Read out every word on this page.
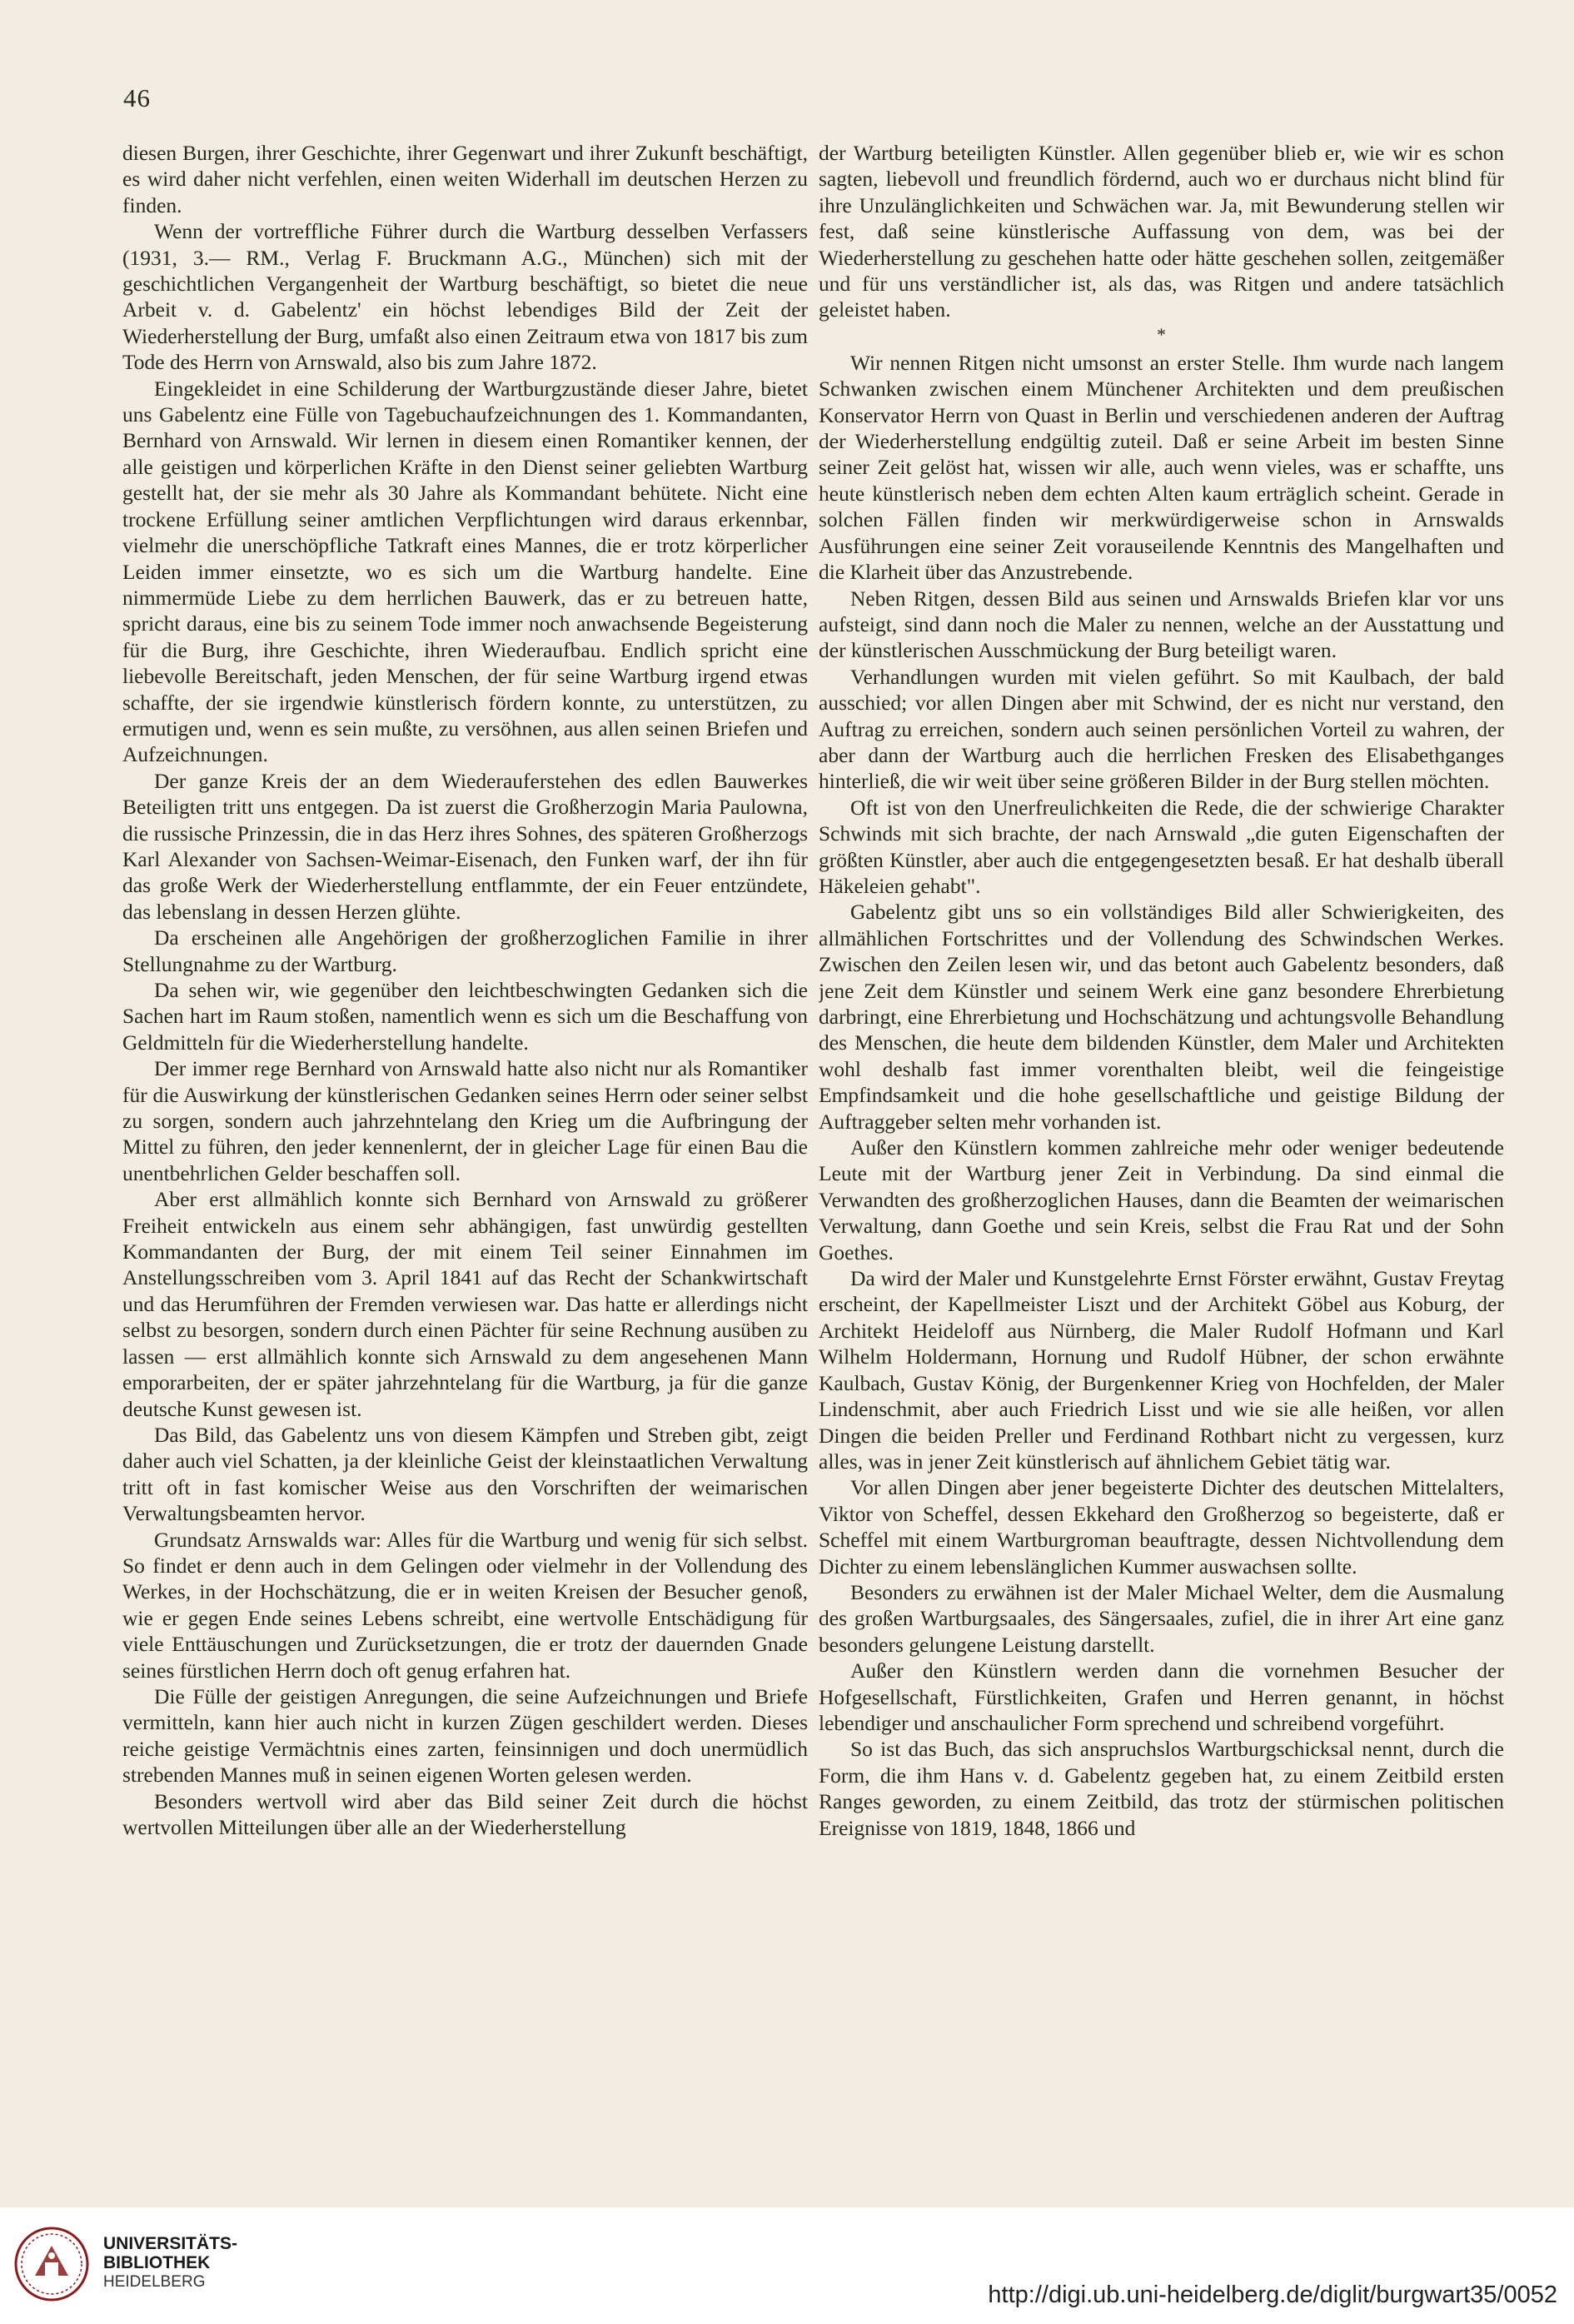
46

diesen Burgen, ihrer Geschichte, ihrer Gegenwart und ihrer Zukunft beschäftigt, es wird daher nicht verfehlen, einen weiten Widerhall im deutschen Herzen zu finden.

Wenn der vortreffliche Führer durch die Wartburg desselben Verfassers (1931, 3.— RM., Verlag F. Bruckmann A.G., München) sich mit der geschichtlichen Vergangenheit der Wartburg beschäftigt, so bietet die neue Arbeit v. d. Gabelentz' ein höchst lebendiges Bild der Zeit der Wiederherstellung der Burg, umfaßt also einen Zeitraum etwa von 1817 bis zum Tode des Herrn von Arnswald, also bis zum Jahre 1872.

Eingekleidet in eine Schilderung der Wartburgzustände dieser Jahre, bietet uns Gabelentz eine Fülle von Tagebuchaufzeichnungen des 1. Kommandanten, Bernhard von Arnswald. Wir lernen in diesem einen Romantiker kennen, der alle geistigen und körperlichen Kräfte in den Dienst seiner geliebten Wartburg gestellt hat, der sie mehr als 30 Jahre als Kommandant behütete. Nicht eine trockene Erfüllung seiner amtlichen Verpflichtungen wird daraus erkennbar, vielmehr die unerschöpfliche Tatkraft eines Mannes, die er trotz körperlicher Leiden immer einsetzte, wo es sich um die Wartburg handelte. Eine nimmermüde Liebe zu dem herrlichen Bauwerk, das er zu betreuen hatte, spricht daraus, eine bis zu seinem Tode immer noch anwachsende Begeisterung für die Burg, ihre Geschichte, ihren Wiederaufbau. Endlich spricht eine liebevolle Bereitschaft, jeden Menschen, der für seine Wartburg irgend etwas schaffte, der sie irgendwie künstlerisch fördern konnte, zu unterstützen, zu ermutigen und, wenn es sein mußte, zu versöhnen, aus allen seinen Briefen und Aufzeichnungen.

Der ganze Kreis der an dem Wiederauferstehen des edlen Bauwerkes Beteiligten tritt uns entgegen. Da ist zuerst die Großherzogin Maria Paulowna, die russische Prinzessin, die in das Herz ihres Sohnes, des späteren Großherzogs Karl Alexander von Sachsen-Weimar-Eisenach, den Funken warf, der ihn für das große Werk der Wiederherstellung entflammte, der ein Feuer entzündete, das lebenslang in dessen Herzen glühte.

Da erscheinen alle Angehörigen der großherzoglichen Familie in ihrer Stellungnahme zu der Wartburg.

Da sehen wir, wie gegenüber den leichtbeschwingten Gedanken sich die Sachen hart im Raum stoßen, namentlich wenn es sich um die Beschaffung von Geldmitteln für die Wiederherstellung handelte.

Der immer rege Bernhard von Arnswald hatte also nicht nur als Romantiker für die Auswirkung der künstlerischen Gedanken seines Herrn oder seiner selbst zu sorgen, sondern auch jahrzehntelang den Krieg um die Aufbringung der Mittel zu führen, den jeder kennenlernt, der in gleicher Lage für einen Bau die unentbehrlichen Gelder beschaffen soll.

Aber erst allmählich konnte sich Bernhard von Arnswald zu größerer Freiheit entwickeln aus einem sehr abhängigen, fast unwürdig gestellten Kommandanten der Burg, der mit einem Teil seiner Einnahmen im Anstellungsschreiben vom 3. April 1841 auf das Recht der Schankwirtschaft und das Herumführen der Fremden verwiesen war. Das hatte er allerdings nicht selbst zu besorgen, sondern durch einen Pächter für seine Rechnung ausüben zu lassen — erst allmählich konnte sich Arnswald zu dem angesehenen Mann emporarbeiten, der er später jahrzehntelang für die Wartburg, ja für die ganze deutsche Kunst gewesen ist.

Das Bild, das Gabelentz uns von diesem Kämpfen und Streben gibt, zeigt daher auch viel Schatten, ja der kleinliche Geist der kleinstaatlichen Verwaltung tritt oft in fast komischer Weise aus den Vorschriften der weimarischen Verwaltungsbeamten hervor.

Grundsatz Arnswalds war: Alles für die Wartburg und wenig für sich selbst. So findet er denn auch in dem Gelingen oder vielmehr in der Vollendung des Werkes, in der Hochschätzung, die er in weiten Kreisen der Besucher genoß, wie er gegen Ende seines Lebens schreibt, eine wertvolle Entschädigung für viele Enttäuschungen und Zurücksetzungen, die er trotz der dauernden Gnade seines fürstlichen Herrn doch oft genug erfahren hat.

Die Fülle der geistigen Anregungen, die seine Aufzeichnungen und Briefe vermitteln, kann hier auch nicht in kurzen Zügen geschildert werden. Dieses reiche geistige Vermächtnis eines zarten, feinsinnigen und doch unermüdlich strebenden Mannes muß in seinen eigenen Worten gelesen werden.

Besonders wertvoll wird aber das Bild seiner Zeit durch die höchst wertvollen Mitteilungen über alle an der Wiederherstellung

der Wartburg beteiligten Künstler. Allen gegenüber blieb er, wie wir es schon sagten, liebevoll und freundlich fördernd, auch wo er durchaus nicht blind für ihre Unzulänglichkeiten und Schwächen war. Ja, mit Bewunderung stellen wir fest, daß seine künstlerische Auffassung von dem, was bei der Wiederherstellung zu geschehen hatte oder hätte geschehen sollen, zeitgemäßer und für uns verständlicher ist, als das, was Ritgen und andere tatsächlich geleistet haben.

*

Wir nennen Ritgen nicht umsonst an erster Stelle. Ihm wurde nach langem Schwanken zwischen einem Münchener Architekten und dem preußischen Konservator Herrn von Quast in Berlin und verschiedenen anderen der Auftrag der Wiederherstellung endgültig zuteil. Daß er seine Arbeit im besten Sinne seiner Zeit gelöst hat, wissen wir alle, auch wenn vieles, was er schaffte, uns heute künstlerisch neben dem echten Alten kaum erträglich scheint. Gerade in solchen Fällen finden wir merkwürdigerweise schon in Arnswalds Ausführungen eine seiner Zeit vorauseilende Kenntnis des Mangelhaften und die Klarheit über das Anzustrebende.

Neben Ritgen, dessen Bild aus seinen und Arnswalds Briefen klar vor uns aufsteigt, sind dann noch die Maler zu nennen, welche an der Ausstattung und der künstlerischen Ausschmückung der Burg beteiligt waren.

Verhandlungen wurden mit vielen geführt. So mit Kaulbach, der bald ausschied; vor allen Dingen aber mit Schwind, der es nicht nur verstand, den Auftrag zu erreichen, sondern auch seinen persönlichen Vorteil zu wahren, der aber dann der Wartburg auch die herrlichen Fresken des Elisabethganges hinterließ, die wir weit über seine größeren Bilder in der Burg stellen möchten.

Oft ist von den Unerfreulichkeiten die Rede, die der schwierige Charakter Schwinds mit sich brachte, der nach Arnswald „die guten Eigenschaften der größten Künstler, aber auch die entgegengesetzten besaß. Er hat deshalb überall Häkeleien gehabt".

Gabelentz gibt uns so ein vollständiges Bild aller Schwierigkeiten, des allmählichen Fortschrittes und der Vollendung des Schwindschen Werkes. Zwischen den Zeilen lesen wir, und das betont auch Gabelentz besonders, daß jene Zeit dem Künstler und seinem Werk eine ganz besondere Ehrerbietung darbringt, eine Ehrerbietung und Hochschätzung und achtungsvolle Behandlung des Menschen, die heute dem bildenden Künstler, dem Maler und Architekten wohl deshalb fast immer vorenthalten bleibt, weil die feingeistige Empfindsamkeit und die hohe gesellschaftliche und geistige Bildung der Auftraggeber selten mehr vorhanden ist.

Außer den Künstlern kommen zahlreiche mehr oder weniger bedeutende Leute mit der Wartburg jener Zeit in Verbindung. Da sind einmal die Verwandten des großherzoglichen Hauses, dann die Beamten der weimarischen Verwaltung, dann Goethe und sein Kreis, selbst die Frau Rat und der Sohn Goethes.

Da wird der Maler und Kunstgelehrte Ernst Förster erwähnt, Gustav Freytag erscheint, der Kapellmeister Liszt und der Architekt Göbel aus Koburg, der Architekt Heideloff aus Nürnberg, die Maler Rudolf Hofmann und Karl Wilhelm Holdermann, Hornung und Rudolf Hübner, der schon erwähnte Kaulbach, Gustav König, der Burgenkenner Krieg von Hochfelden, der Maler Lindenschmit, aber auch Friedrich Lisst und wie sie alle heißen, vor allen Dingen die beiden Preller und Ferdinand Rothbart nicht zu vergessen, kurz alles, was in jener Zeit künstlerisch auf ähnlichem Gebiet tätig war.

Vor allen Dingen aber jener begeisterte Dichter des deutschen Mittelalters, Viktor von Scheffel, dessen Ekkehard den Großherzog so begeisterte, daß er Scheffel mit einem Wartburgroman beauftragte, dessen Nichtvollendung dem Dichter zu einem lebenslänglichen Kummer auswachsen sollte.

Besonders zu erwähnen ist der Maler Michael Welter, dem die Ausmalung des großen Wartburgsaales, des Sängersaales, zufiel, die in ihrer Art eine ganz besonders gelungene Leistung darstellt.

Außer den Künstlern werden dann die vornehmen Besucher der Hofgesellschaft, Fürstlichkeiten, Grafen und Herren genannt, in höchst lebendiger und anschaulicher Form sprechend und schreibend vorgeführt.

So ist das Buch, das sich anspruchslos Wartburgschicksal nennt, durch die Form, die ihm Hans v. d. Gabelentz gegeben hat, zu einem Zeitbild ersten Ranges geworden, zu einem Zeitbild, das trotz der stürmischen politischen Ereignisse von 1819, 1848, 1866 und

UNIVERSITÄTS-
BIBLIOTHEK
HEIDELBERG	http://digi.ub.uni-heidelberg.de/diglit/burgwart35/0052
